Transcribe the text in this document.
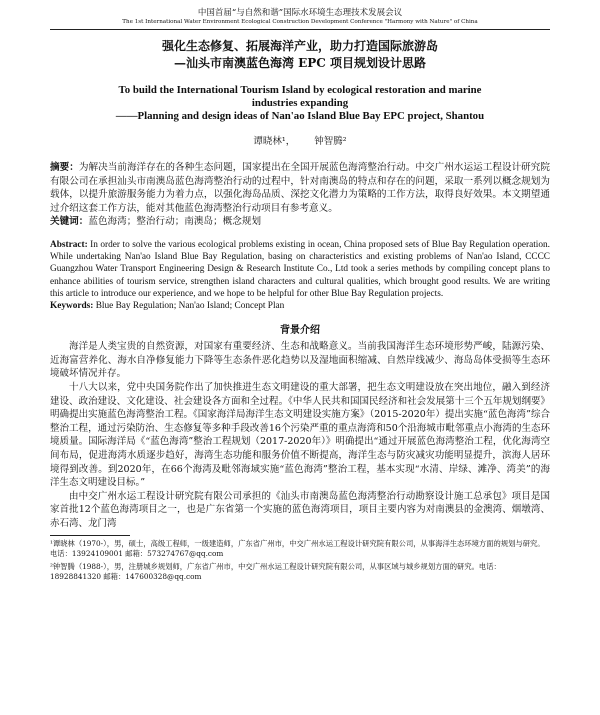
中国首届“与自然和谐”国际水环境生态理技术发展会议
The 1st International Water Environment Ecological Construction Development Conference "Harmony with Nature" of China
强化生态修复、拓展海洋产业，助力打造国际旅游岛
—汕头市南澳蓝色海湾 EPC 项目规划设计思路
To build the International Tourism Island by ecological restoration and marine
industries expanding
——Planning and design ideas of Nan'ao Island Blue Bay EPC project, Shantou
谭晓林¹， 钟智腾²
摘要：为解决当前海洋存在的各种生态问题，国家提出在全国开展蓝色海湾整治行动。中交广州水运运工程设计研究院有限公司在承担汕头市南澳岛蓝色海湾整治行动的过程中，针对南澳岛的特点和存在的问题，采取一系列以概念规划为载体，以提升旅游服务能力为着力点，以强化海岛品质、深挖文化潜力为策略的工作方法，取得良好效果。本文期望通过介绍这套工作方法，能对其他蓝色海湾整治行动项目有参考意义。
关键词：蓝色海湾；整治行动；南澳岛；概念规划
Abstract: In order to solve the various ecological problems existing in ocean, China proposed sets of Blue Bay Regulation operation. While undertaking Nan'ao Island Blue Bay Regulation, basing on characteristics and existing problems of Nan'ao Island, CCCC Guangzhou Water Transport Engineering Design & Research Institute Co., Ltd took a series methods by compiling concept plans to enhance abilities of tourism service, strengthen island characters and cultural qualities, which brought good results. We are writing this article to introduce our experience, and we hope to be helpful for other Blue Bay Regulation projects.
Keywords: Blue Bay Regulation; Nan'ao Island; Concept Plan
背景介绍

海洋是人类宝贵的自然资源，对国家有重要经济、生态和战略意义。当前我国海洋生态环境形势严峻，陆源污染、近海富营养化、海水自净修复能力下降等生态条件恶化趋势以及湿地面积缩减、自然岸线减少、海岛岛体受损等生态环境破坏情况并存。

十八大以来，党中央国务院作出了加快推进生态文明建设的重大部署，把生态文明建设放在突出地位，融入到经济建设、政治建设、文化建设、社会建设各方面和全过程。《中华人民共和国国民经济和社会发展第十三个五年规划纲要》明确提出实施蓝色海湾整治工程。《国家海洋局海洋生态文明建设实施方案》（2015-2020年）提出实施“蓝色海湾”综合整治工程，通过污染防治、生态修复等多种手段改善16个污染严重的重点海湾和50个沿海城市毗邻重点小海湾的生态环境质量。国际海洋局《“蓝色海湾”整治工程规划（2017-2020年）》明确提出“通过开展蓝色海湾整治工程，优化海湾空间布局，促进海湾水质逐步趋好，海湾生态功能和服务价值不断提高，海洋生态与防灾减灾功能明显提升，滨海人居环境得到改善。到2020年，在66个海湾及毗邻海域实施“蓝色海湾”整治工程，基本实现“水清、岸绿、滩净、湾美”的海洋生态文明建设目标。”

由中交广州水运工程设计研究院有限公司承担的《汕头市南澳岛蓝色海湾整治行动勘察设计施工总承包》项目是国家首批12个蓝色海湾项目之一，也是广东省第一个实施的蓝色海湾项目，项目主要内容为对南澳县的金澳湾、烟墩湾、赤石湾、龙门湾

¹谭晓林（1970-），男，硕士，高级工程师，一级建造师，广东省广州市，中交广州水运工程设计研究院有限公司，从事海洋生态环境方面的规划与研究。电话：13924109001 邮箱：573274767@qq.com
²钟智腾（1988-），男，注册城乡规划师，广东省广州市，中交广州水运工程设计研究院有限公司，从事区域与城乡规划方面的研究。电话：18928841320 邮箱：147600328@qq.com
